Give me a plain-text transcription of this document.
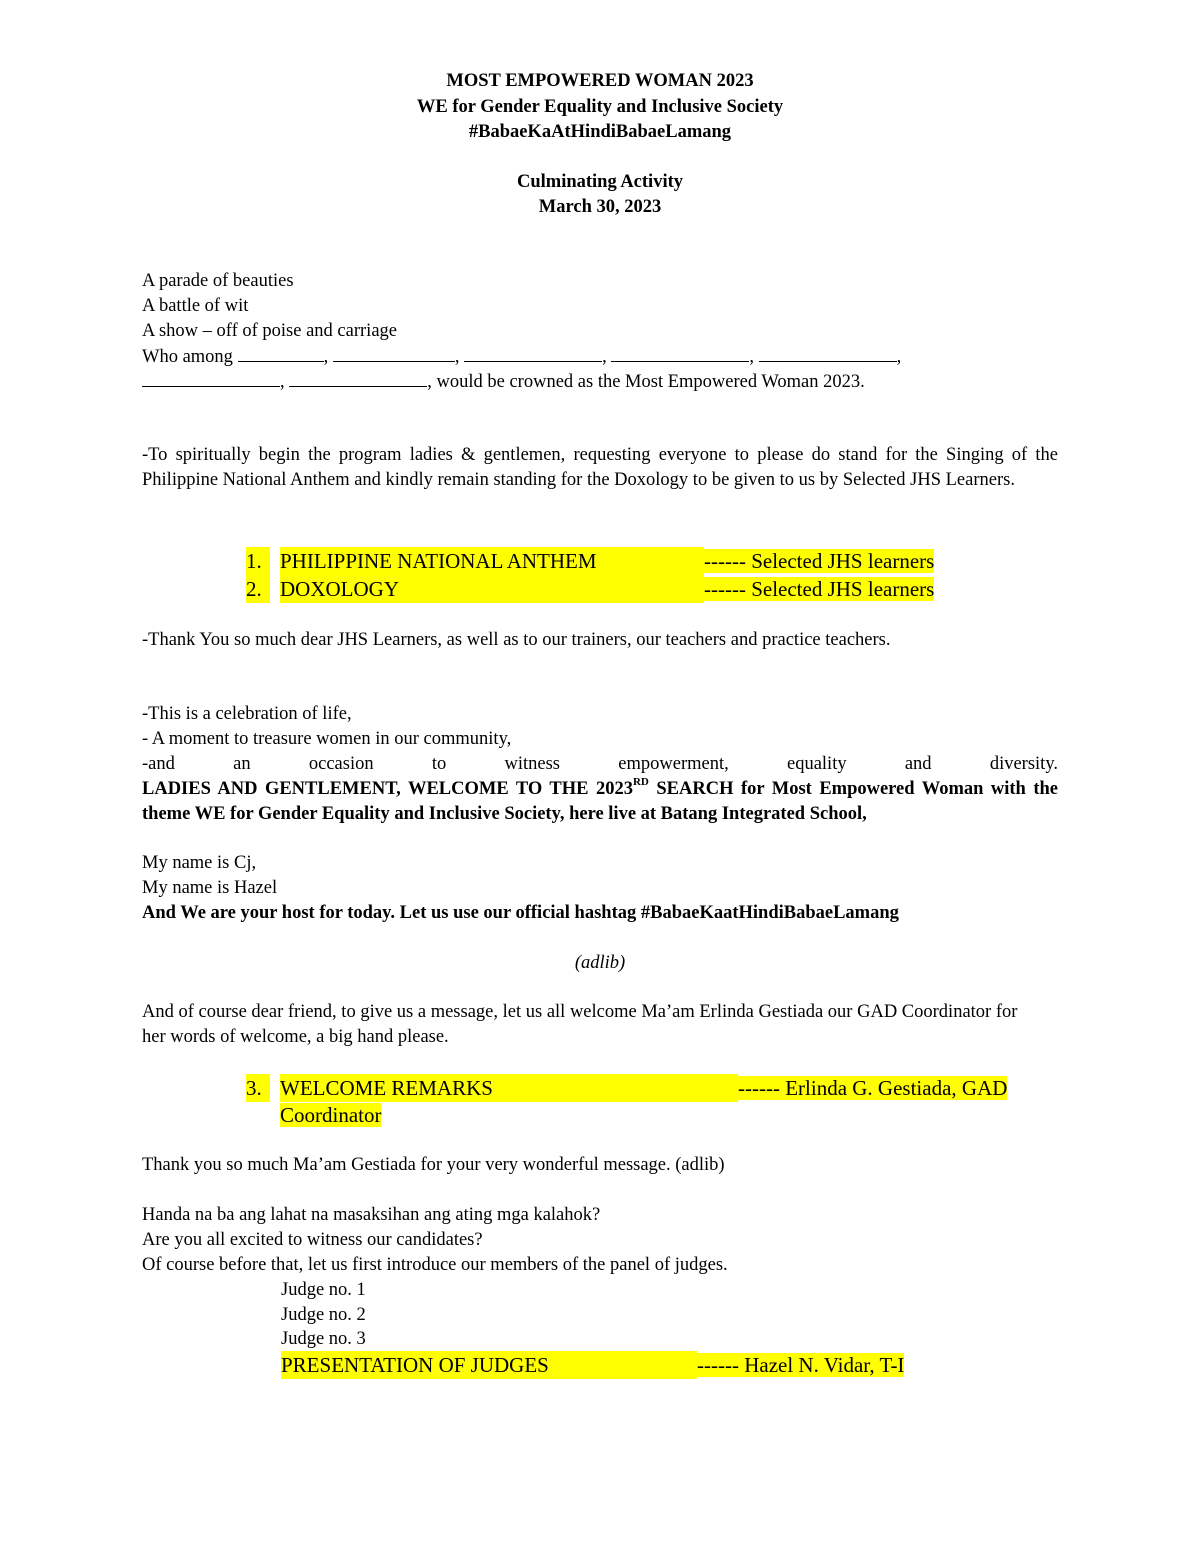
MOST EMPOWERED WOMAN 2023
WE for Gender Equality and Inclusive Society
#BabaeKaAtHindiBabaeLamang
Culminating Activity
March 30, 2023
A parade of beauties
A battle of wit
A show – off of poise and carriage
Who among	,	,	,	,	,
,	, would be crowned as the Most Empowered Woman 2023.
-To spiritually begin the program ladies & gentlemen, requesting everyone to please do stand for the Singing of the Philippine National Anthem and kindly remain standing for the Doxology to be given to us by Selected JHS Learners.
1. PHILIPPINE NATIONAL ANTHEM	------ Selected JHS learners
2. DOXOLOGY	------ Selected JHS learners
-Thank You so much dear JHS Learners, as well as to our trainers, our teachers and practice teachers.
-This is a celebration of life,
- A moment to treasure women in our community,
-and an occasion to witness empowerment, equality and diversity.
LADIES AND GENTLEMENT, WELCOME TO THE 2023RD SEARCH for Most Empowered Woman with the theme WE for Gender Equality and Inclusive Society, here live at Batang Integrated School,
My name is Cj,
My name is Hazel
And We are your host for today. Let us use our official hashtag #BabaeKaatHindiBabaeLamang
(adlib)
And of course dear friend, to give us a message, let us all welcome Ma’am Erlinda Gestiada our GAD Coordinator for her words of welcome, a big hand please.
3. WELCOME REMARKS	------ Erlinda G. Gestiada, GAD
Coordinator
Thank you so much Ma’am Gestiada for your very wonderful message. (adlib)
Handa na ba ang lahat na masaksihan ang ating mga kalahok?
Are you all excited to witness our candidates?
Of course before that, let us first introduce our members of the panel of judges.
Judge no. 1
Judge no. 2
Judge no. 3
PRESENTATION OF JUDGES	------ Hazel N. Vidar, T-I
